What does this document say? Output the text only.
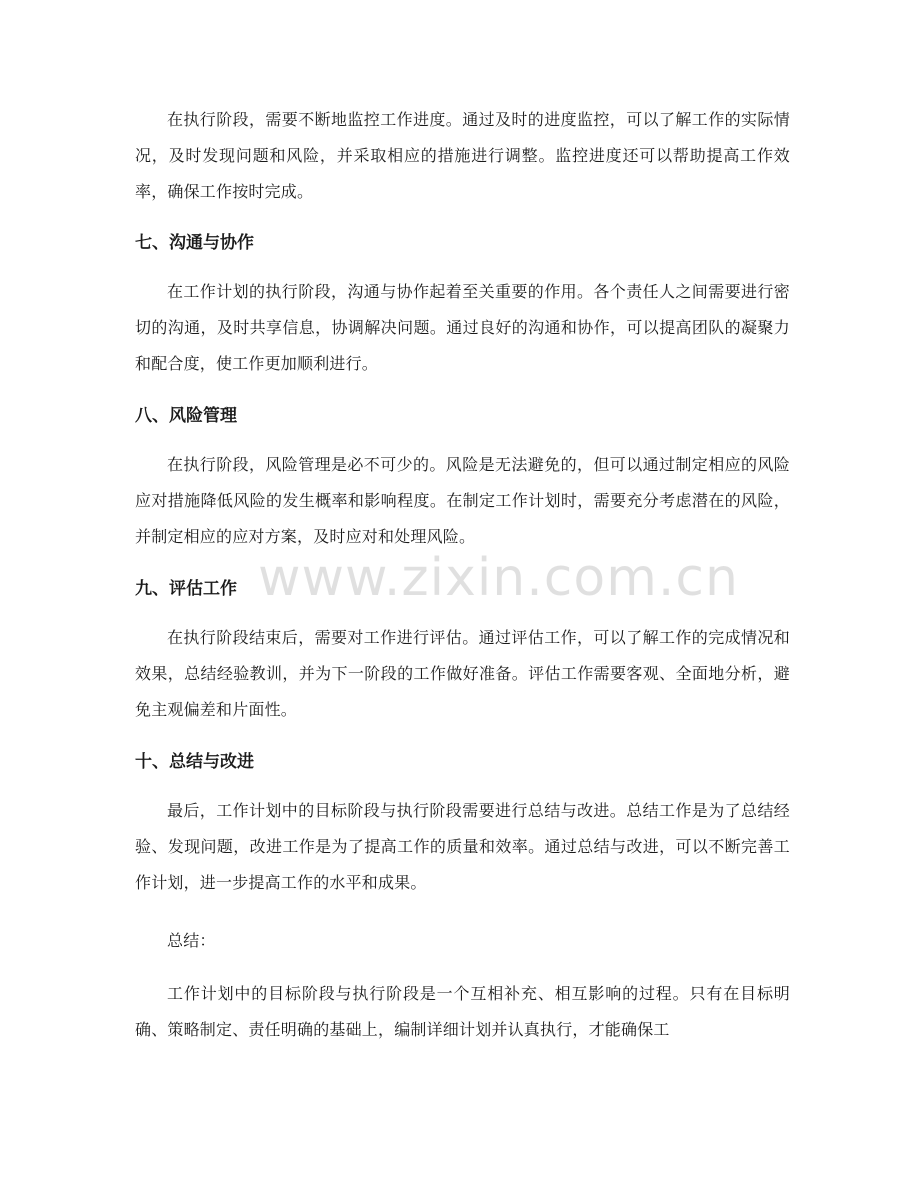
在执行阶段，需要不断地监控工作进度。通过及时的进度监控，可以了解工作的实际情况，及时发现问题和风险，并采取相应的措施进行调整。监控进度还可以帮助提高工作效率，确保工作按时完成。

七、沟通与协作

在工作计划的执行阶段，沟通与协作起着至关重要的作用。各个责任人之间需要进行密切的沟通，及时共享信息，协调解决问题。通过良好的沟通和协作，可以提高团队的凝聚力和配合度，使工作更加顺利进行。

八、风险管理

在执行阶段，风险管理是必不可少的。风险是无法避免的，但可以通过制定相应的风险应对措施降低风险的发生概率和影响程度。在制定工作计划时，需要充分考虑潜在的风险，并制定相应的应对方案，及时应对和处理风险。

九、评估工作

在执行阶段结束后，需要对工作进行评估。通过评估工作，可以了解工作的完成情况和效果，总结经验教训，并为下一阶段的工作做好准备。评估工作需要客观、全面地分析，避免主观偏差和片面性。

十、总结与改进

最后，工作计划中的目标阶段与执行阶段需要进行总结与改进。总结工作是为了总结经验、发现问题，改进工作是为了提高工作的质量和效率。通过总结与改进，可以不断完善工作计划，进一步提高工作的水平和成果。

总结：

工作计划中的目标阶段与执行阶段是一个互相补充、相互影响的过程。只有在目标明确、策略制定、责任明确的基础上，编制详细计划并认真执行，才能确保工

www.zixin.com.cn
